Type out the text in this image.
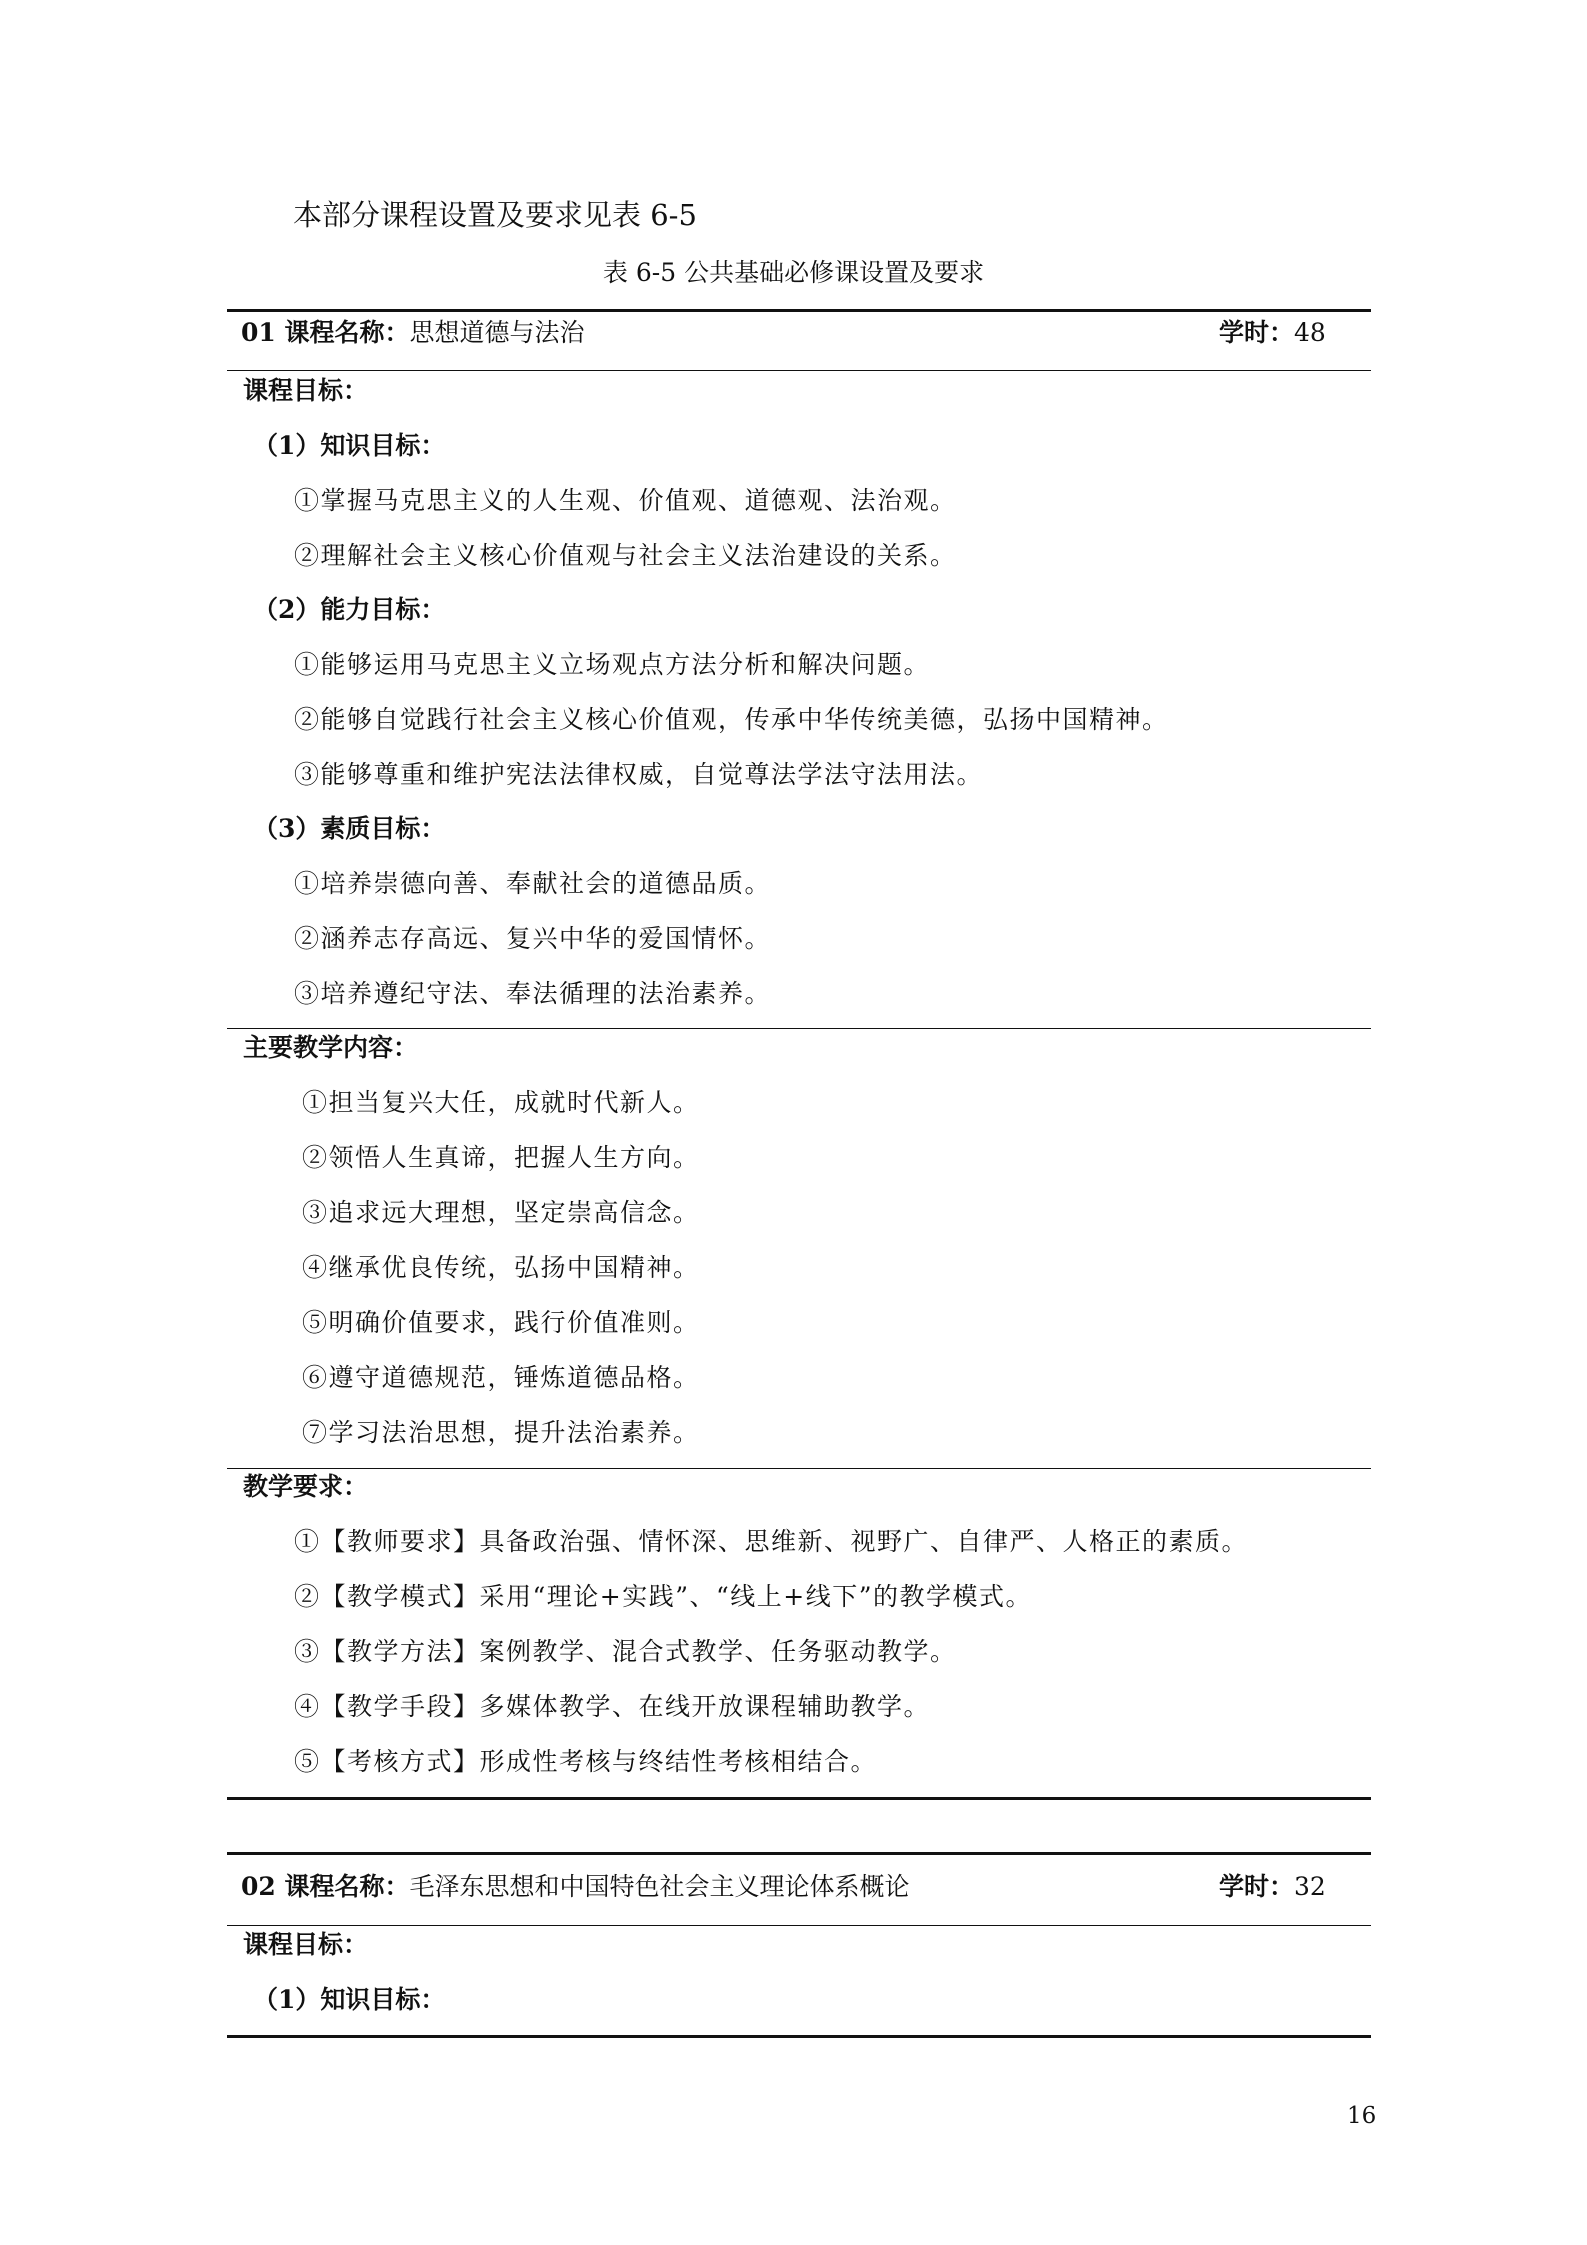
本部分课程设置及要求见表 6-5
表 6-5 公共基础必修课设置及要求
01 课程名称：思想道德与法治	学时：48
课程目标：
（1）知识目标：
①掌握马克思主义的人生观、价值观、道德观、法治观。
②理解社会主义核心价值观与社会主义法治建设的关系。
（2）能力目标：
①能够运用马克思主义立场观点方法分析和解决问题。
②能够自觉践行社会主义核心价值观，传承中华传统美德，弘扬中国精神。
③能够尊重和维护宪法法律权威，自觉尊法学法守法用法。
（3）素质目标：
①培养崇德向善、奉献社会的道德品质。
②涵养志存高远、复兴中华的爱国情怀。
③培养遵纪守法、奉法循理的法治素养。
主要教学内容：
①担当复兴大任，成就时代新人。
②领悟人生真谛，把握人生方向。
③追求远大理想，坚定崇高信念。
④继承优良传统，弘扬中国精神。
⑤明确价值要求，践行价值准则。
⑥遵守道德规范，锤炼道德品格。
⑦学习法治思想，提升法治素养。
教学要求：
①【教师要求】具备政治强、情怀深、思维新、视野广、自律严、人格正的素质。
②【教学模式】采用“理论+实践”、“线上+线下”的教学模式。
③【教学方法】案例教学、混合式教学、任务驱动教学。
④【教学手段】多媒体教学、在线开放课程辅助教学。
⑤【考核方式】形成性考核与终结性考核相结合。
02 课程名称：毛泽东思想和中国特色社会主义理论体系概论	学时：32
课程目标：
（1）知识目标：
16
